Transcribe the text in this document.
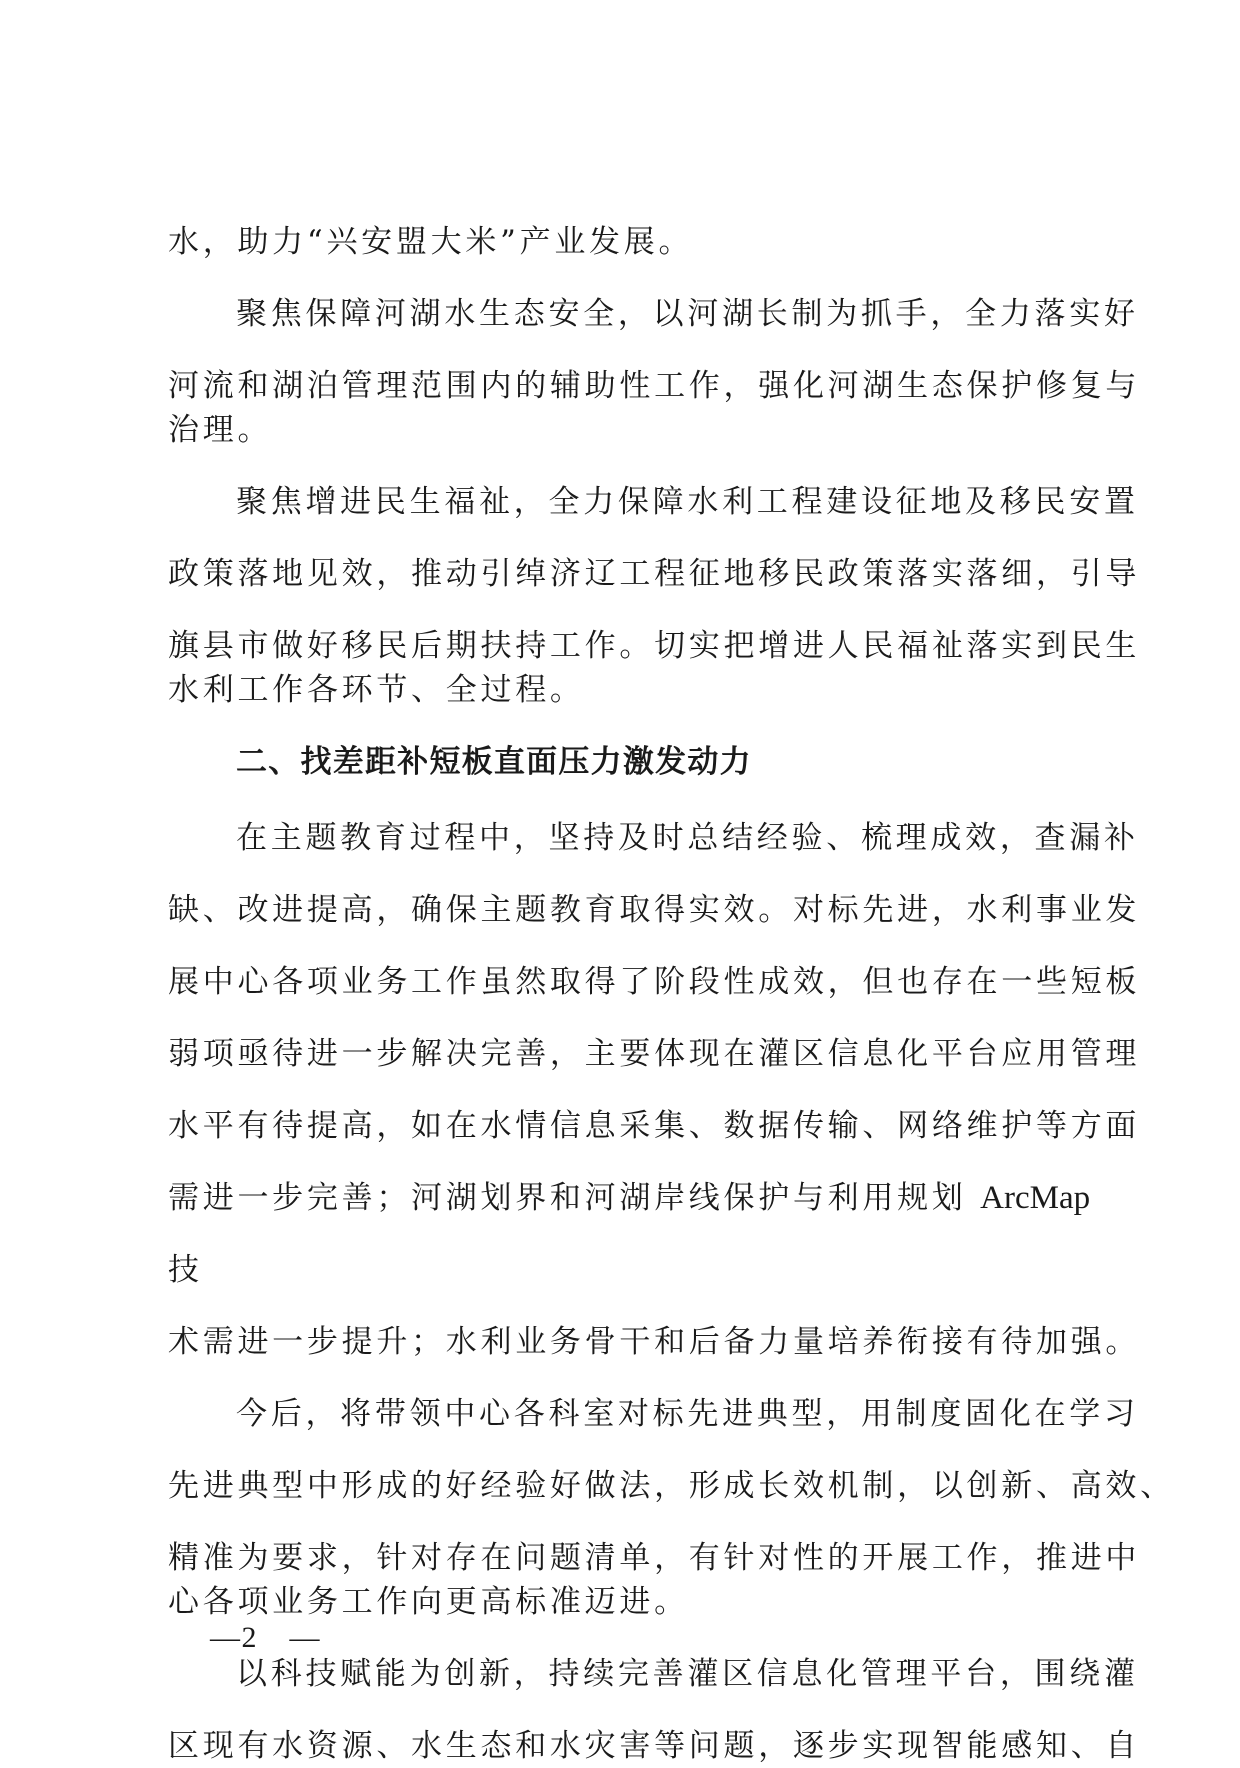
水，助力“兴安盟大米”产业发展。
聚焦保障河湖水生态安全，以河湖长制为抓手，全力落实好
河流和湖泊管理范围内的辅助性工作，强化河湖生态保护修复与
治理。
聚焦增进民生福祉，全力保障水利工程建设征地及移民安置
政策落地见效，推动引绰济辽工程征地移民政策落实落细，引导
旗县市做好移民后期扶持工作。切实把增进人民福祉落实到民生
水利工作各环节、全过程。
二、找差距补短板直面压力激发动力
在主题教育过程中，坚持及时总结经验、梳理成效，查漏补
缺、改进提高，确保主题教育取得实效。对标先进，水利事业发
展中心各项业务工作虽然取得了阶段性成效，但也存在一些短板
弱项亟待进一步解决完善，主要体现在灌区信息化平台应用管理
水平有待提高，如在水情信息采集、数据传输、网络维护等方面
需进一步完善；河湖划界和河湖岸线保护与利用规划 ArcMap
技
术需进一步提升；水利业务骨干和后备力量培养衔接有待加强。
今后，将带领中心各科室对标先进典型，用制度固化在学习
先进典型中形成的好经验好做法，形成长效机制，以创新、高效、
精准为要求，针对存在问题清单，有针对性的开展工作，推进中
心各项业务工作向更高标准迈进。
以科技赋能为创新，持续完善灌区信息化管理平台，围绕灌
区现有水资源、水生态和水灾害等问题，逐步实现智能感知、自
—2　—
